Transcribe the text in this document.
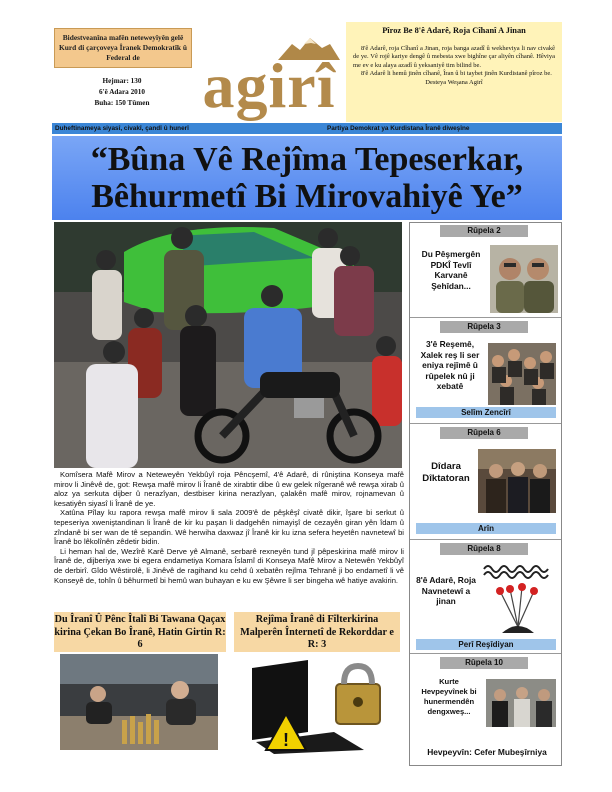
Bidestveanîna mafên neteweyîyên gelê Kurd di çarçoveya Îranek Demokratîk û Federal de
Hejmar: 130
6'ê Adara 2010
Buha: 150 Tûmen agirî
Pîroz Be 8'ê Adarê, Roja Cîhanî A Jinan

8'ê Adarê, roja Cîhanî a Jinan, roja banga azadî û wekheviya li nav civakê de ye. Vê rojê kariye dengê û mebesta xwe bighîne çar aliyên cîhanê. Hêviya me ev e ku alaya azadî û yeksaniyê tim bilind be.

8'ê Adarê li hemû jinên cîhanê, Îran û bi taybet jinên Kurdistanê pîroz be.

Desteya Weşana Agirî
Duheftinameya siyasî, civakî, çandî û hunerî	Partiya Demokrat ya Kurdistana Îranê diweşîne
“Bûna Vê Rejîma Tepeserkar,
Bêhurmetî Bi Mirovahiyê Ye”

Komîsera Mafê Mirov a Neteweyên Yekbûyî roja Pêncşemî, 4'ê Adarê, di rûniştina Konseya mafê mirov li Jinêvê de, got: Rewşa mafê mirov li Îranê de xirabtir dibe û ew gelek nîgeranê wê rewşa xirab û aloz ya serkuta dijber û nerazîyan, destbiser kirina nerazîyan, çalakên mafê mirov, rojnamevan û kesatiyên siyasî li Îranê de ye.

Xatûna Pîlay ku rapora rewşa mafê mirov li sala 2009'ê de pêşkêşî civatê dikir, îşare bi serkut û tepeseriya xweniştandinan li Îranê de kir ku paşan li dadgehên nimayişî de cezayên giran yên îdam û zîndanê bi ser wan de tê sepandin. Wê herwiha daxwaz jî Îranê kir ku izna sefera heyetên navnetewî bi Îranê bo lêkolînên zêdetir bidin.

Li heman hal de, Wezîrê Karê Derve yê Almanê, serbarê rexneyên tund jî pêpeskirina mafê mirov li Îranê de, dijberiya xwe bi egera endametiya Komara Îslamî di Konseya Mafê Mirov a Netewên Yekbûyî de derbirî. Gîdo Wêstirolê, li Jinêvê de ragihand ku cehd û xebatên rejîma Tehranê ji bo endametî li vê Konseyê de, tohîn û bêhurmetî bi hemû wan buhayan e ku ew Şêwre li ser bingeha wê hatiye avakirin.

Du Îranî Û Pênc Îtalî Bi Tawana Qaçax kirina Çekan Bo Îranê, Hatin Girtin R: 6
Rejîma Îranê di Fîlterkirina Malperên Înternetî de Rekorddar e R: 3
!
Rûpela 2
Du Pêşmergên PDKÎ Tevlî Karvanê Şehîdan...
Rûpela 3
3'ê Reşemê, Xalek reş li ser eniya rejîmê û rûpelek nû ji xebatê
Selîm Zencîrî
Rûpela 6
Dîdara Dîktatoran
Arîn
Rûpela 8
8'ê Adarê, Roja Navnetewî a jinan
Perî Reşîdiyan
Rûpela 10
Kurte Hevpeyvînek bi hunermendên dengxweş...
Hevpeyvîn: Cefer Mubeşîrniya
